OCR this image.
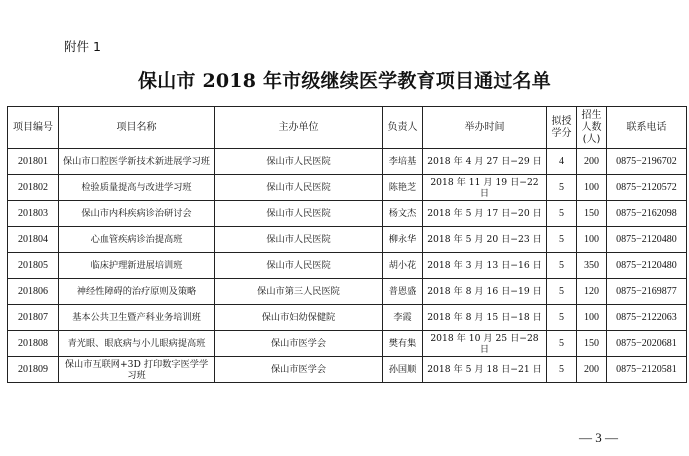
附件 1
保山市 2018 年市级继续医学教育项目通过名单
项目编号	项目名称	主办单位	负责人	举办时间	拟授学分	招生人数(人)	联系电话
201801	保山市口腔医学新技术新进展学习班	保山市人民医院	李培基	2018 年 4 月 27 日−29 日	4	200	0875−2196702
201802	检验质量提高与改进学习班	保山市人民医院	陈艳芝	2018 年 11 月 19 日−22 日	5	100	0875−2120572
201803	保山市内科疾病诊治研讨会	保山市人民医院	杨文杰	2018 年 5 月 17 日−20 日	5	150	0875−2162098
201804	心血管疾病诊治提高班	保山市人民医院	柳永华	2018 年 5 月 20 日−23 日	5	100	0875−2120480
201805	临床护理新进展培训班	保山市人民医院	胡小花	2018 年 3 月 13 日−16 日	5	350	0875−2120480
201806	神经性障碍的治疗原则及策略	保山市第三人民医院	普恩盛	2018 年 8 月 16 日−19 日	5	120	0875−2169877
201807	基本公共卫生暨产科业务培训班	保山市妇幼保健院	李霞	2018 年 8 月 15 日−18 日	5	100	0875−2122063
201808	青光眼、眼底病与小儿眼病提高班	保山市医学会	樊有集	2018 年 10 月 25 日−28 日	5	150	0875−2020681
201809	保山市互联网+3D 打印数字医学学习班	保山市医学会	孙国顺	2018 年 5 月 18 日−21 日	5	200	0875−2120581
— 3 —
